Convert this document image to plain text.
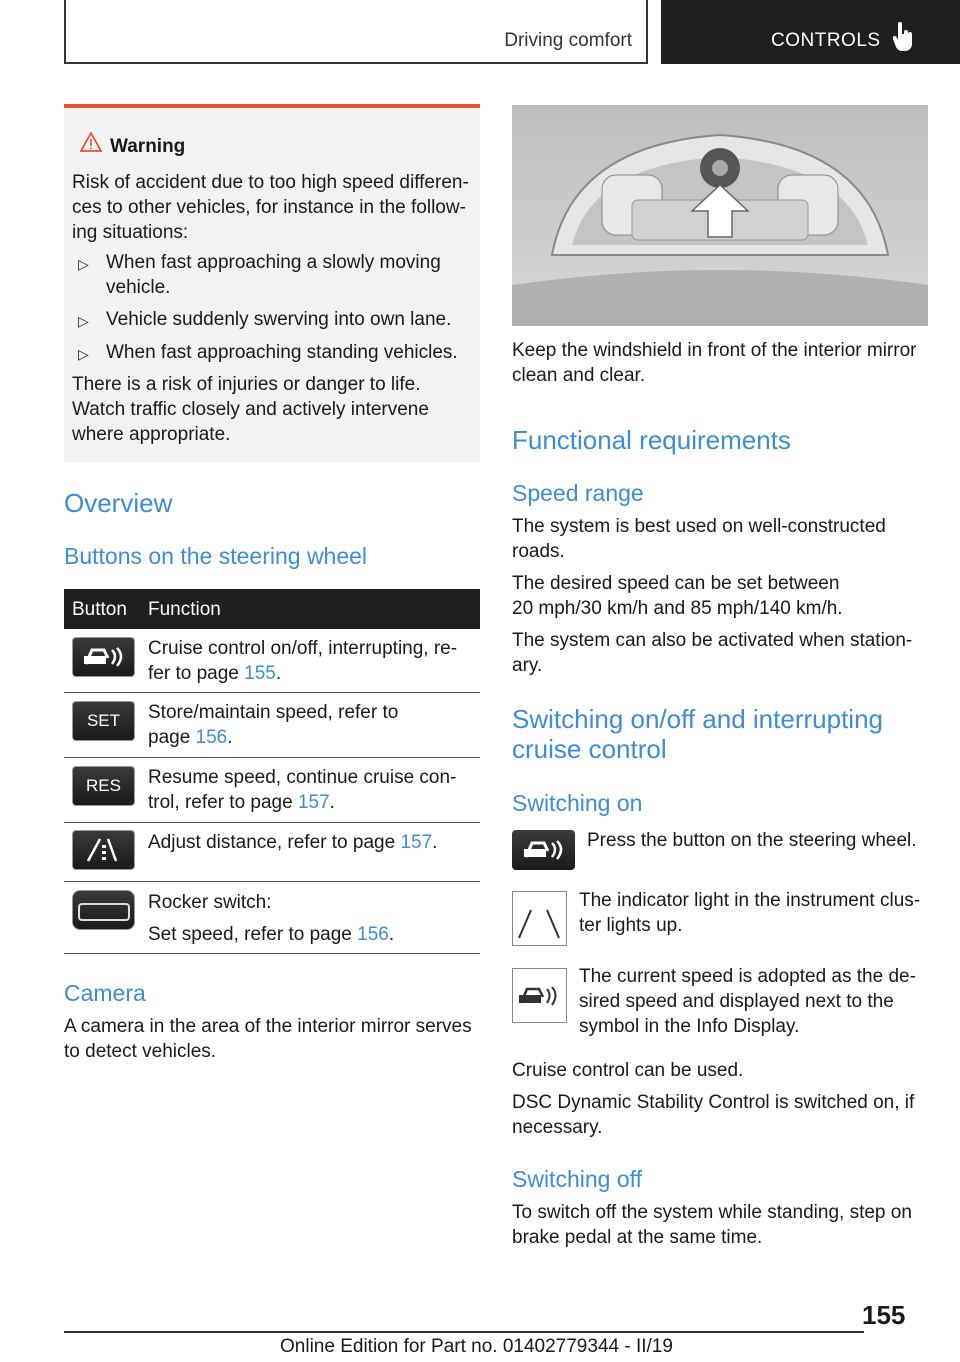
Driving comfort	CONTROLS
Warning
Risk of accident due to too high speed differen-
ces to other vehicles, for instance in the follow-
ing situations:
▷ When fast approaching a slowly moving
vehicle.
▷ Vehicle suddenly swerving into own lane.
▷ When fast approaching standing vehicles.
There is a risk of injuries or danger to life.
Watch traffic closely and actively intervene
where appropriate.
Overview
Buttons on the steering wheel
Button Function
Cruise control on/off, interrupting, re-
fer to page 155.
SET	Store/maintain speed, refer to
page 156.
RES	Resume speed, continue cruise con-
trol, refer to page 157.
Adjust distance, refer to page 157.
Rocker switch:
Set speed, refer to page 156.
Camera
A camera in the area of the interior mirror serves
to detect vehicles.
Keep the windshield in front of the interior mirror
clean and clear.
Functional requirements
Speed range
The system is best used on well-constructed
roads.
The desired speed can be set between
20 mph/30 km/h and 85 mph/140 km/h.
The system can also be activated when station-
ary.
Switching on/off and interrupting
cruise control
Switching on
Press the button on the steering wheel.
The indicator light in the instrument clus-
ter lights up.
The current speed is adopted as the de-
sired speed and displayed next to the
symbol in the Info Display.
Cruise control can be used.
DSC Dynamic Stability Control is switched on, if
necessary.
Switching off
To switch off the system while standing, step on
brake pedal at the same time.
155
Online Edition for Part no. 01402779344 - II/19
